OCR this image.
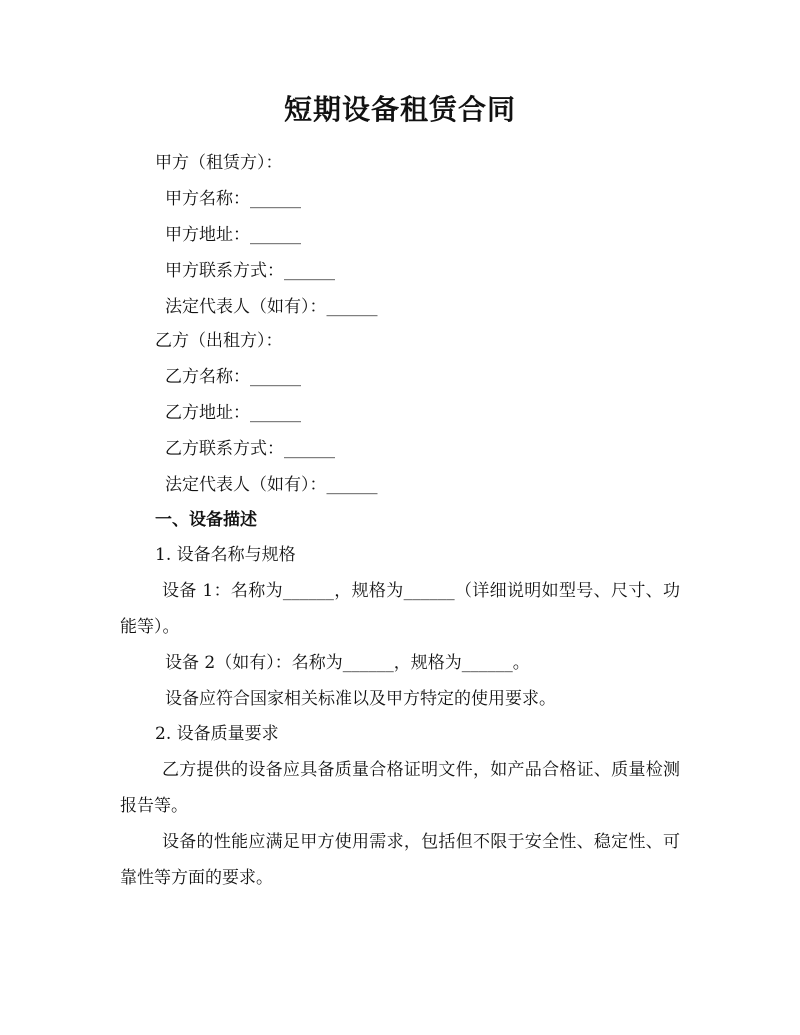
短期设备租赁合同
甲方（租赁方）：
甲方名称：______
甲方地址：______
甲方联系方式：______
法定代表人（如有）：______
乙方（出租方）：
乙方名称：______
乙方地址：______
乙方联系方式：______
法定代表人（如有）：______
一、设备描述
1. 设备名称与规格
设备 1：名称为______，规格为______（详细说明如型号、尺寸、功能等）。
设备 2（如有）：名称为______，规格为______。
设备应符合国家相关标准以及甲方特定的使用要求。
2. 设备质量要求
乙方提供的设备应具备质量合格证明文件，如产品合格证、质量检测报告等。
设备的性能应满足甲方使用需求，包括但不限于安全性、稳定性、可靠性等方面的要求。
